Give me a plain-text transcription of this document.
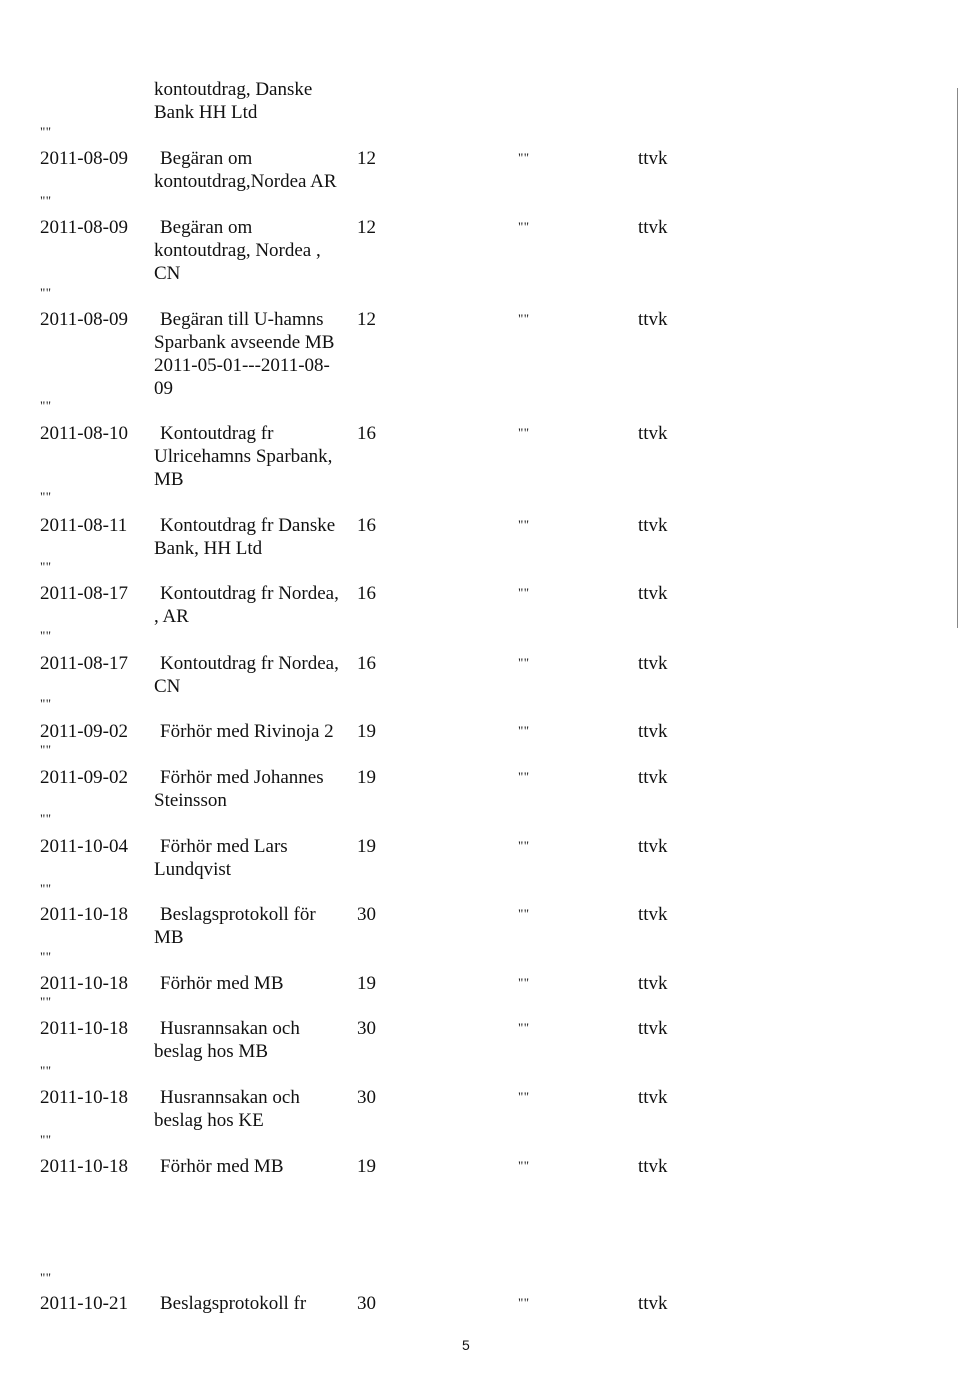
kontoutdrag, Danske
Bank HH Ltd
""
2011-08-09	Begäran om
kontoutdrag,Nordea AR
12	""	ttvk
""
2011-08-09	Begäran om
kontoutdrag, Nordea ,
CN
12	""	ttvk
""
2011-08-09	Begäran till U-hamns
Sparbank avseende MB
2011-05-01---2011-08-
09
12	""	ttvk
""
2011-08-10	Kontoutdrag fr
Ulricehamns Sparbank,
MB
16	""	ttvk
""
2011-08-11	Kontoutdrag fr Danske
Bank, HH Ltd
16	""	ttvk
""
2011-08-17	Kontoutdrag fr Nordea,
, AR
16	""	ttvk
""
2011-08-17	Kontoutdrag fr Nordea,
CN
16	""	ttvk
""
2011-09-02	Förhör med Rivinoja 2	19	""	ttvk
""
2011-09-02	Förhör med Johannes
Steinsson
19	""	ttvk
""
2011-10-04	Förhör med Lars
Lundqvist
19	""	ttvk
""
2011-10-18	Beslagsprotokoll för
MB
30	""	ttvk
""
2011-10-18	Förhör med MB	19	""	ttvk
""
2011-10-18	Husrannsakan och
beslag hos MB
30	""	ttvk
""
2011-10-18	Husrannsakan och
beslag hos KE
30	""	ttvk
""
2011-10-18	Förhör med MB	19	""	ttvk
""
2011-10-21	Beslagsprotokoll fr	30	""	ttvk
5
